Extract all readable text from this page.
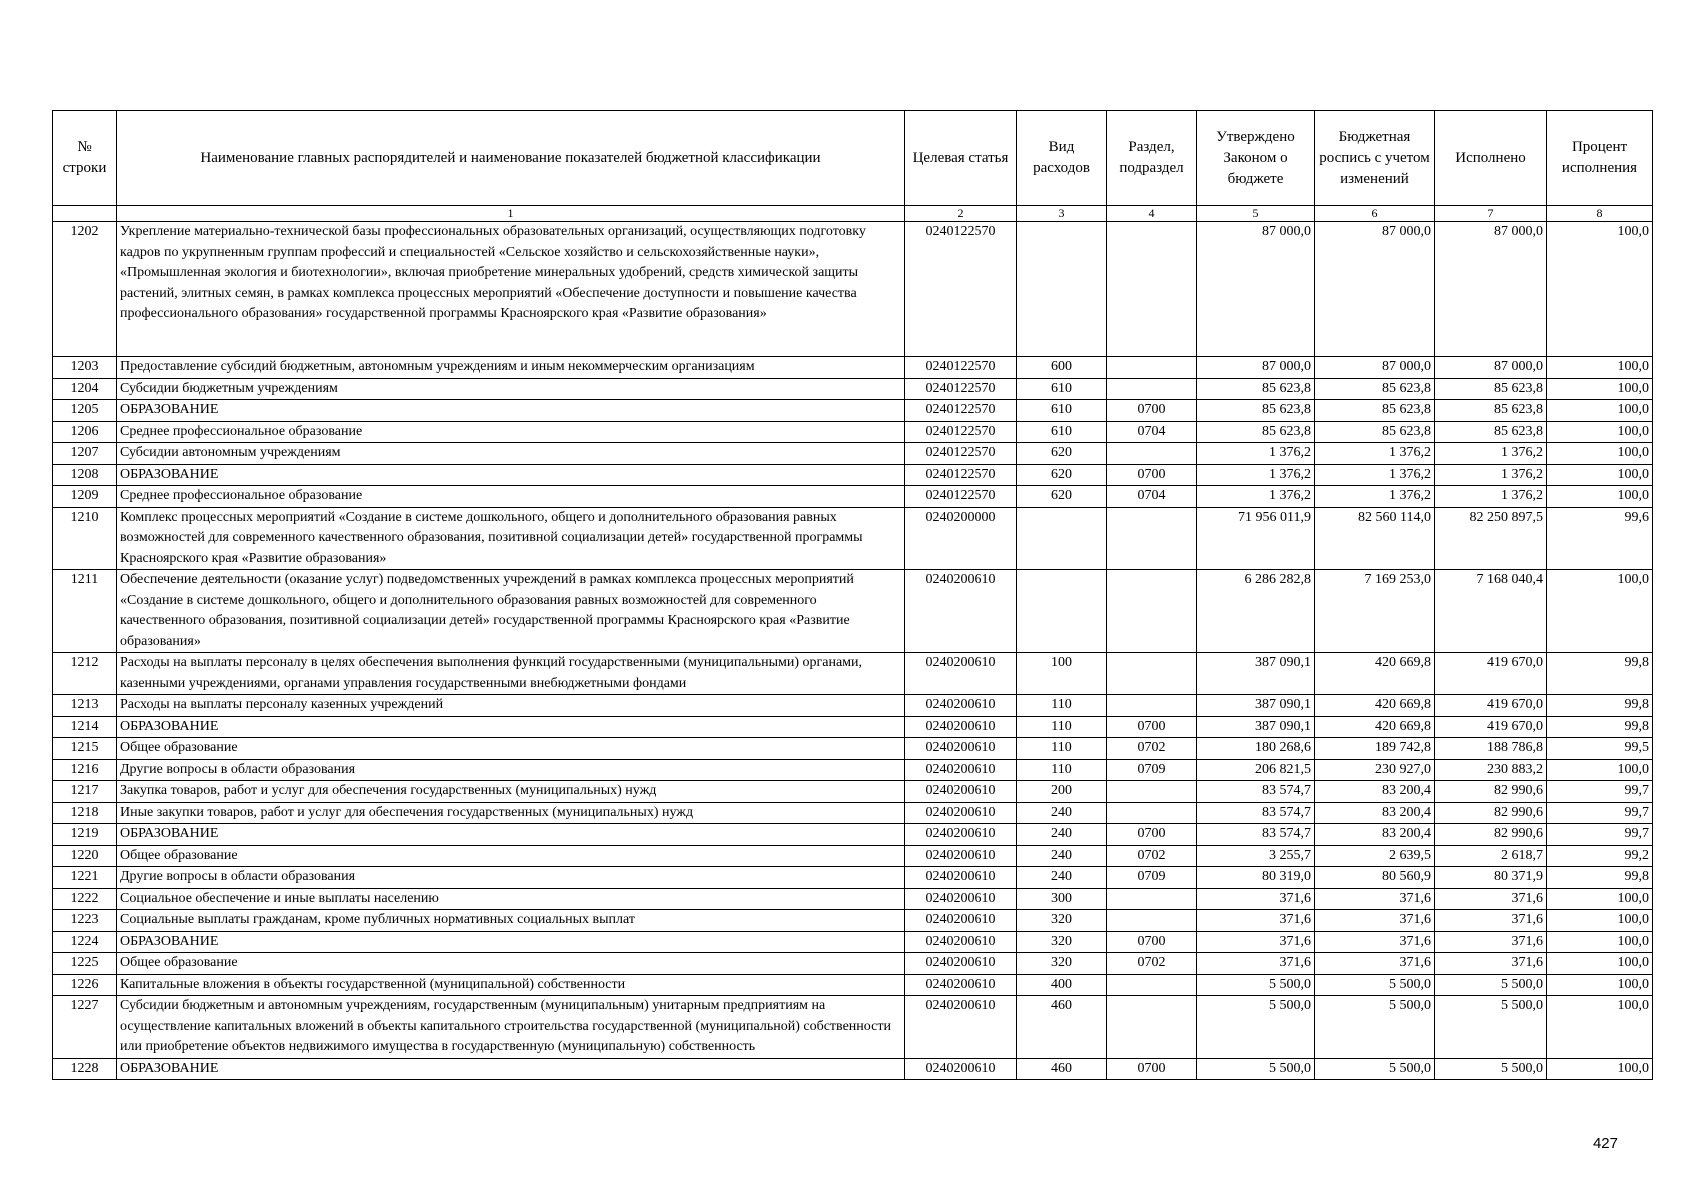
№ строки	Наименование главных распорядителей и наименование показателей бюджетной классификации	Целевая статья	Вид расходов	Раздел, подраздел	Утверждено Законом о бюджете	Бюджетная роспись с учетом изменений	Исполнено	Процент исполнения
	1	2	3	4	5	6	7	8
1202	Укрепление материально-технической базы профессиональных образовательных организаций, осуществляющих подготовку кадров по укрупненным группам профессий и специальностей «Сельское хозяйство и сельскохозяйственные науки», «Промышленная экология и биотехнологии», включая приобретение минеральных удобрений, средств химической защиты растений, элитных семян, в рамках комплекса процессных мероприятий «Обеспечение доступности и повышение качества профессионального образования» государственной программы Красноярского края «Развитие образования»	0240122570			87 000,0	87 000,0	87 000,0	100,0
1203	Предоставление субсидий бюджетным, автономным учреждениям и иным некоммерческим организациям	0240122570	600		87 000,0	87 000,0	87 000,0	100,0
1204	Субсидии бюджетным учреждениям	0240122570	610		85 623,8	85 623,8	85 623,8	100,0
1205	ОБРАЗОВАНИЕ	0240122570	610	0700	85 623,8	85 623,8	85 623,8	100,0
1206	Среднее профессиональное образование	0240122570	610	0704	85 623,8	85 623,8	85 623,8	100,0
1207	Субсидии автономным учреждениям	0240122570	620		1 376,2	1 376,2	1 376,2	100,0
1208	ОБРАЗОВАНИЕ	0240122570	620	0700	1 376,2	1 376,2	1 376,2	100,0
1209	Среднее профессиональное образование	0240122570	620	0704	1 376,2	1 376,2	1 376,2	100,0
1210	Комплекс процессных мероприятий «Создание в системе дошкольного, общего и дополнительного образования равных возможностей для современного качественного образования, позитивной социализации детей» государственной программы Красноярского края «Развитие образования»	0240200000			71 956 011,9	82 560 114,0	82 250 897,5	99,6
1211	Обеспечение деятельности (оказание услуг) подведомственных учреждений в рамках комплекса процессных мероприятий «Создание в системе дошкольного, общего и дополнительного образования равных возможностей для современного качественного образования, позитивной социализации детей» государственной программы Красноярского края «Развитие образования»	0240200610			6 286 282,8	7 169 253,0	7 168 040,4	100,0
1212	Расходы на выплаты персоналу в целях обеспечения выполнения функций государственными (муниципальными) органами, казенными учреждениями, органами управления государственными внебюджетными фондами	0240200610	100		387 090,1	420 669,8	419 670,0	99,8
1213	Расходы на выплаты персоналу казенных учреждений	0240200610	110		387 090,1	420 669,8	419 670,0	99,8
1214	ОБРАЗОВАНИЕ	0240200610	110	0700	387 090,1	420 669,8	419 670,0	99,8
1215	Общее образование	0240200610	110	0702	180 268,6	189 742,8	188 786,8	99,5
1216	Другие вопросы в области образования	0240200610	110	0709	206 821,5	230 927,0	230 883,2	100,0
1217	Закупка товаров, работ и услуг для обеспечения государственных (муниципальных) нужд	0240200610	200		83 574,7	83 200,4	82 990,6	99,7
1218	Иные закупки товаров, работ и услуг для обеспечения государственных (муниципальных) нужд	0240200610	240		83 574,7	83 200,4	82 990,6	99,7
1219	ОБРАЗОВАНИЕ	0240200610	240	0700	83 574,7	83 200,4	82 990,6	99,7
1220	Общее образование	0240200610	240	0702	3 255,7	2 639,5	2 618,7	99,2
1221	Другие вопросы в области образования	0240200610	240	0709	80 319,0	80 560,9	80 371,9	99,8
1222	Социальное обеспечение и иные выплаты населению	0240200610	300		371,6	371,6	371,6	100,0
1223	Социальные выплаты гражданам, кроме публичных нормативных социальных выплат	0240200610	320		371,6	371,6	371,6	100,0
1224	ОБРАЗОВАНИЕ	0240200610	320	0700	371,6	371,6	371,6	100,0
1225	Общее образование	0240200610	320	0702	371,6	371,6	371,6	100,0
1226	Капитальные вложения в объекты государственной (муниципальной) собственности	0240200610	400		5 500,0	5 500,0	5 500,0	100,0
1227	Субсидии бюджетным и автономным учреждениям, государственным (муниципальным) унитарным предприятиям на осуществление капитальных вложений в объекты капитального строительства государственной (муниципальной) собственности или приобретение объектов недвижимого имущества в государственную (муниципальную) собственность	0240200610	460		5 500,0	5 500,0	5 500,0	100,0
1228	ОБРАЗОВАНИЕ	0240200610	460	0700	5 500,0	5 500,0	5 500,0	100,0
427
